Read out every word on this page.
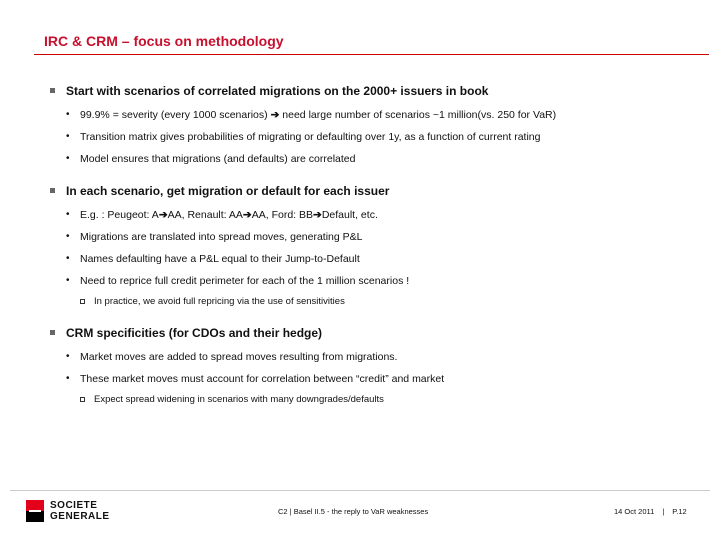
IRC & CRM – focus on methodology
Start with scenarios of correlated migrations on the 2000+ issuers in book
• 99.9% = severity (every 1000 scenarios) ➔ need large number of scenarios ~1 million(vs. 250 for VaR)
• Transition matrix gives probabilities of migrating or defaulting over 1y, as a function of current rating
• Model ensures that migrations (and defaults) are correlated
In each scenario, get migration or default for each issuer
• E.g. : Peugeot: A➔AA, Renault: AA➔AA, Ford: BB➔Default, etc.
• Migrations are translated into spread moves, generating P&L
• Names defaulting have a P&L equal to their Jump-to-Default
• Need to reprice full credit perimeter for each of the 1 million scenarios !
In practice, we avoid full repricing via the use of sensitivities
CRM specificities (for CDOs and their hedge)
• Market moves are added to spread moves resulting from migrations.
• These market moves must account for correlation between “credit” and market
Expect spread widening in scenarios with many downgrades/defaults
SOCIETE
GENERALE	C2 | Basel II.5 - the reply to VaR weaknesses	14 Oct 2011 | P.12
